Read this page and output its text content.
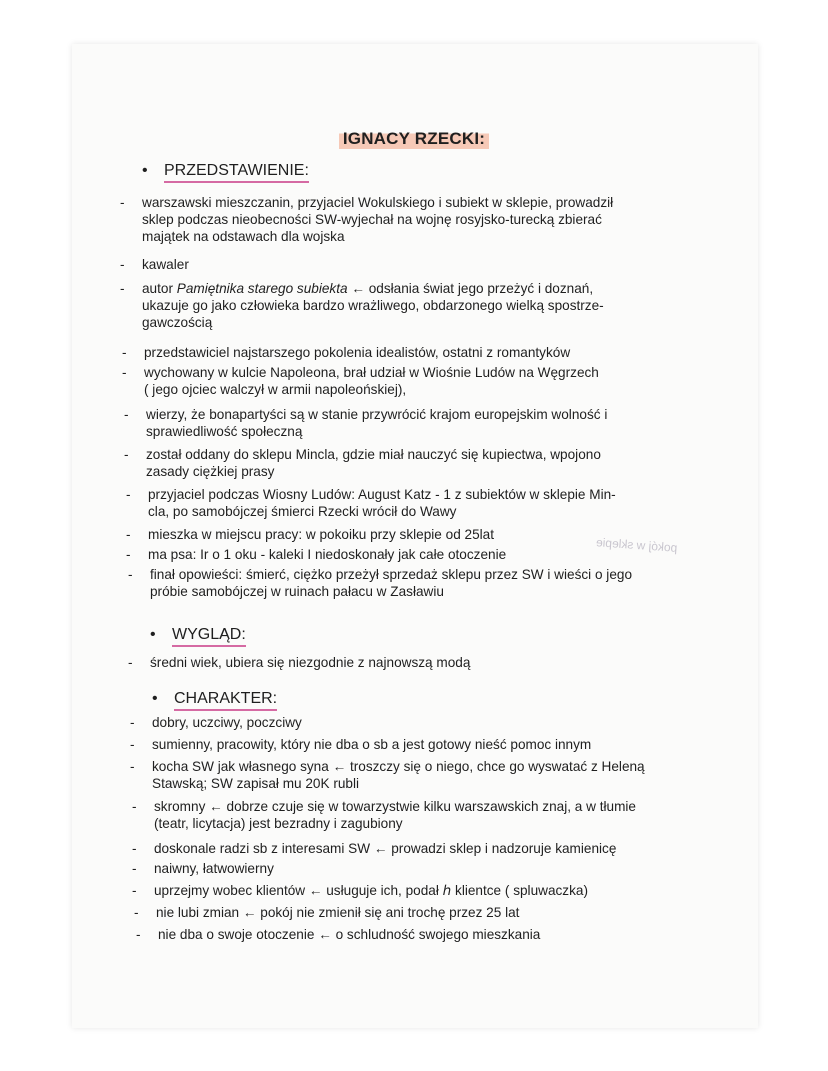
IGNACY RZECKI:
pokój w sklepie
• PRZEDSTAWIENIE:
- warszawski mieszczanin, przyjaciel Wokulskiego i subiekt w sklepie, prowadził
sklep podczas nieobecności SW-wyjechał na wojnę rosyjsko-turecką zbierać
majątek na odstawach dla wojska
- kawaler
- autor Pamiętnika starego subiekta ← odsłania świat jego przeżyć i doznań,
ukazuje go jako człowieka bardzo wrażliwego, obdarzonego wielką spostrze-
gawczością
- przedstawiciel najstarszego pokolenia idealistów, ostatni z romantyków
- wychowany w kulcie Napoleona, brał udział w Wiośnie Ludów na Węgrzech
( jego ojciec walczył w armii napoleońskiej),
- wierzy, że bonapartyści są w stanie przywrócić krajom europejskim wolność i
sprawiedliwość społeczną
- został oddany do sklepu Mincla, gdzie miał nauczyć się kupiectwa, wpojono
zasady ciężkiej prasy
- przyjaciel podczas Wiosny Ludów: August Katz - 1 z subiektów w sklepie Min-
cla, po samobójczej śmierci Rzecki wrócił do Wawy
- mieszka w miejscu pracy: w pokoiku przy sklepie od 25lat
- ma psa: Ir o 1 oku - kaleki I niedoskonały jak całe otoczenie
- finał opowieści: śmierć, ciężko przeżył sprzedaż sklepu przez SW i wieści o jego
próbie samobójczej w ruinach pałacu w Zasławiu
• WYGLĄD:
- średni wiek, ubiera się niezgodnie z najnowszą modą
• CHARAKTER:
- dobry, uczciwy, poczciwy
- sumienny, pracowity, który nie dba o sb a jest gotowy nieść pomoc innym
- kocha SW jak własnego syna ← troszczy się o niego, chce go wyswatać z Heleną
Stawską; SW zapisał mu 20K rubli
- skromny ← dobrze czuje się w towarzystwie kilku warszawskich znaj, a w tłumie
(teatr, licytacja) jest bezradny i zagubiony
- doskonale radzi sb z interesami SW ← prowadzi sklep i nadzoruje kamienicę
- naiwny, łatwowierny
- uprzejmy wobec klientów ← usługuje ich, podał ℎ klientce ( spluwaczka)
- nie lubi zmian ← pokój nie zmienił się ani trochę przez 25 lat
- nie dba o swoje otoczenie ← o schludność swojego mieszkania
